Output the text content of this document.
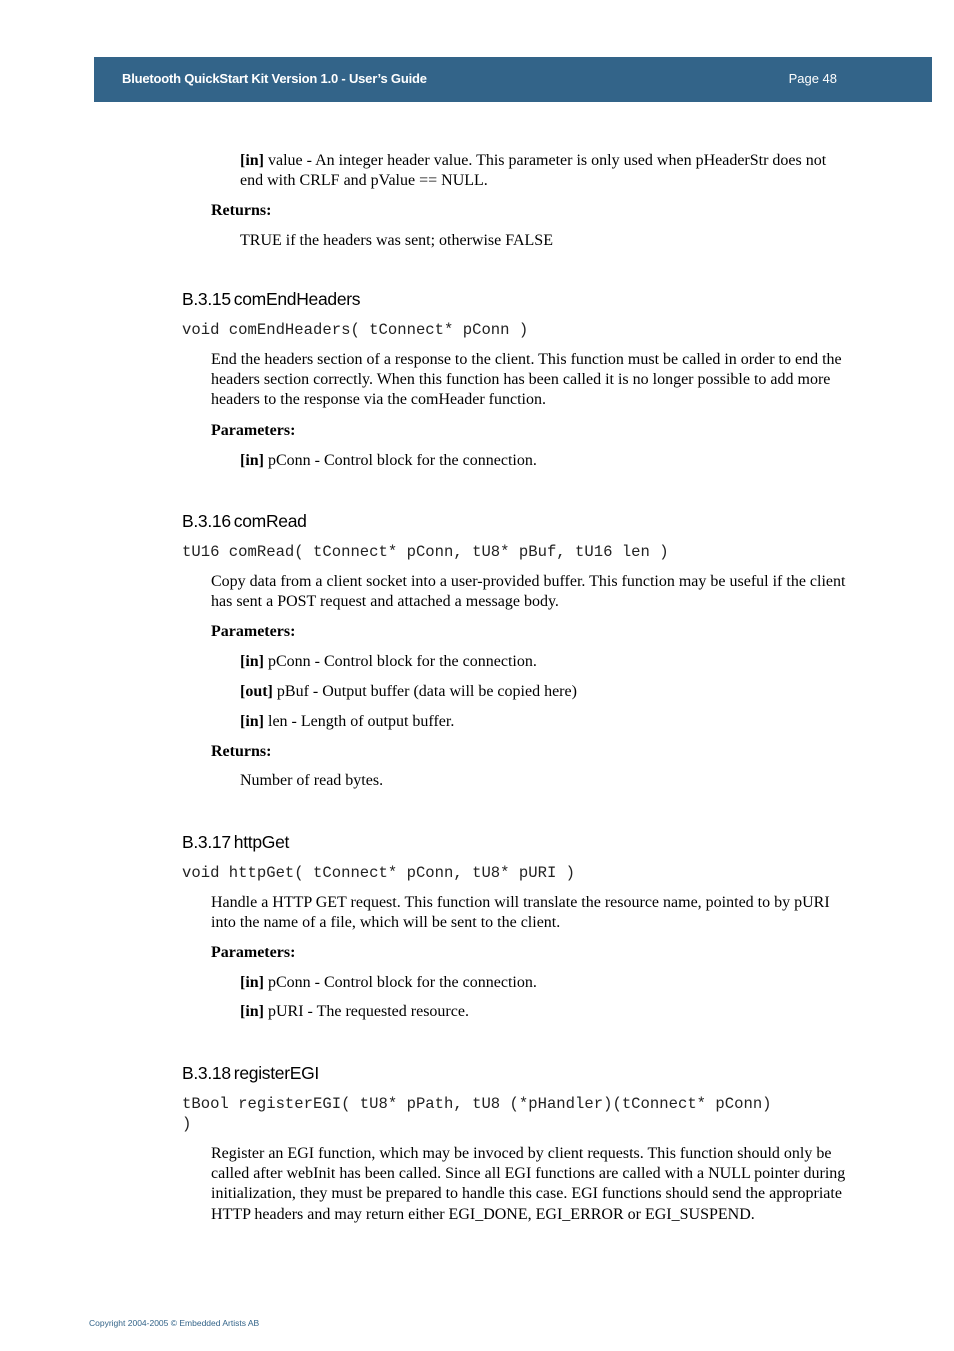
Bluetooth QuickStart Kit Version 1.0 - User’s Guide	Page 48

[in] value - An integer header value. This parameter is only used when pHeaderStr does not end with CRLF and pValue == NULL.

Returns:

TRUE if the headers was sent; otherwise FALSE

B.3.15 comEndHeaders

void comEndHeaders( tConnect* pConn )

End the headers section of a response to the client. This function must be called in order to end the headers section correctly. When this function has been called it is no longer possible to add more headers to the response via the comHeader function.

Parameters:

[in] pConn - Control block for the connection.

B.3.16 comRead

tU16 comRead( tConnect* pConn, tU8* pBuf, tU16 len )

Copy data from a client socket into a user-provided buffer. This function may be useful if the client has sent a POST request and attached a message body.

Parameters:

[in] pConn - Control block for the connection.

[out] pBuf - Output buffer (data will be copied here)

[in] len - Length of output buffer.

Returns:

Number of read bytes.

B.3.17 httpGet

void httpGet( tConnect* pConn, tU8* pURI )

Handle a HTTP GET request. This function will translate the resource name, pointed to by pURI into the name of a file, which will be sent to the client.

Parameters:

[in] pConn - Control block for the connection.

[in] pURI - The requested resource.

B.3.18 registerEGI

tBool registerEGI( tU8* pPath, tU8 (*pHandler)(tConnect* pConn) )

Register an EGI function, which may be invoced by client requests. This function should only be called after webInit has been called. Since all EGI functions are called with a NULL pointer during initialization, they must be prepared to handle this case. EGI functions should send the appropriate HTTP headers and may return either EGI_DONE, EGI_ERROR or EGI_SUSPEND.

Copyright 2004-2005 © Embedded Artists AB
